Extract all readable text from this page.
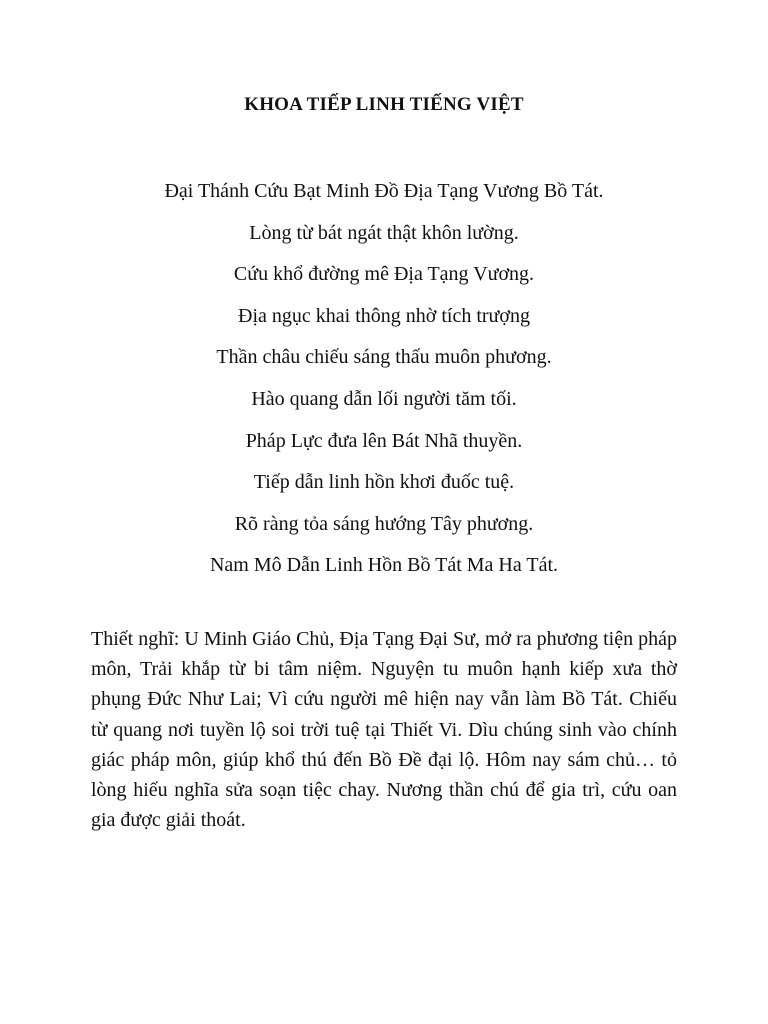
KHOA TIẾP LINH TIẾNG VIỆT
Đại Thánh Cứu Bạt Minh Đồ Địa Tạng Vương Bồ Tát.
Lòng từ bát ngát thật khôn lường.
Cứu khổ đường mê Địa Tạng Vương.
Địa ngục khai thông nhờ tích trượng
Thần châu chiếu sáng thấu muôn phương.
Hào quang dẫn lối người tăm tối.
Pháp Lực đưa lên Bát Nhã thuyền.
Tiếp dẫn linh hồn khơi đuốc tuệ.
Rõ ràng tỏa sáng hướng Tây phương.
Nam Mô Dẫn Linh Hồn Bồ Tát Ma Ha Tát.

Thiết nghĩ: U Minh Giáo Chủ, Địa Tạng Đại Sư, mở ra phương tiện pháp môn, Trải khắp từ bi tâm niệm. Nguyện tu muôn hạnh kiếp xưa thờ phụng Đức Như Lai; Vì cứu người mê hiện nay vẫn làm Bồ Tát. Chiếu từ quang nơi tuyền lộ soi trời tuệ tại Thiết Vi. Dìu chúng sinh vào chính giác pháp môn, giúp khổ thú đến Bồ Đề đại lộ. Hôm nay sám chủ… tỏ lòng hiếu nghĩa sửa soạn tiệc chay. Nương thần chú để gia trì, cứu oan gia được giải thoát.
